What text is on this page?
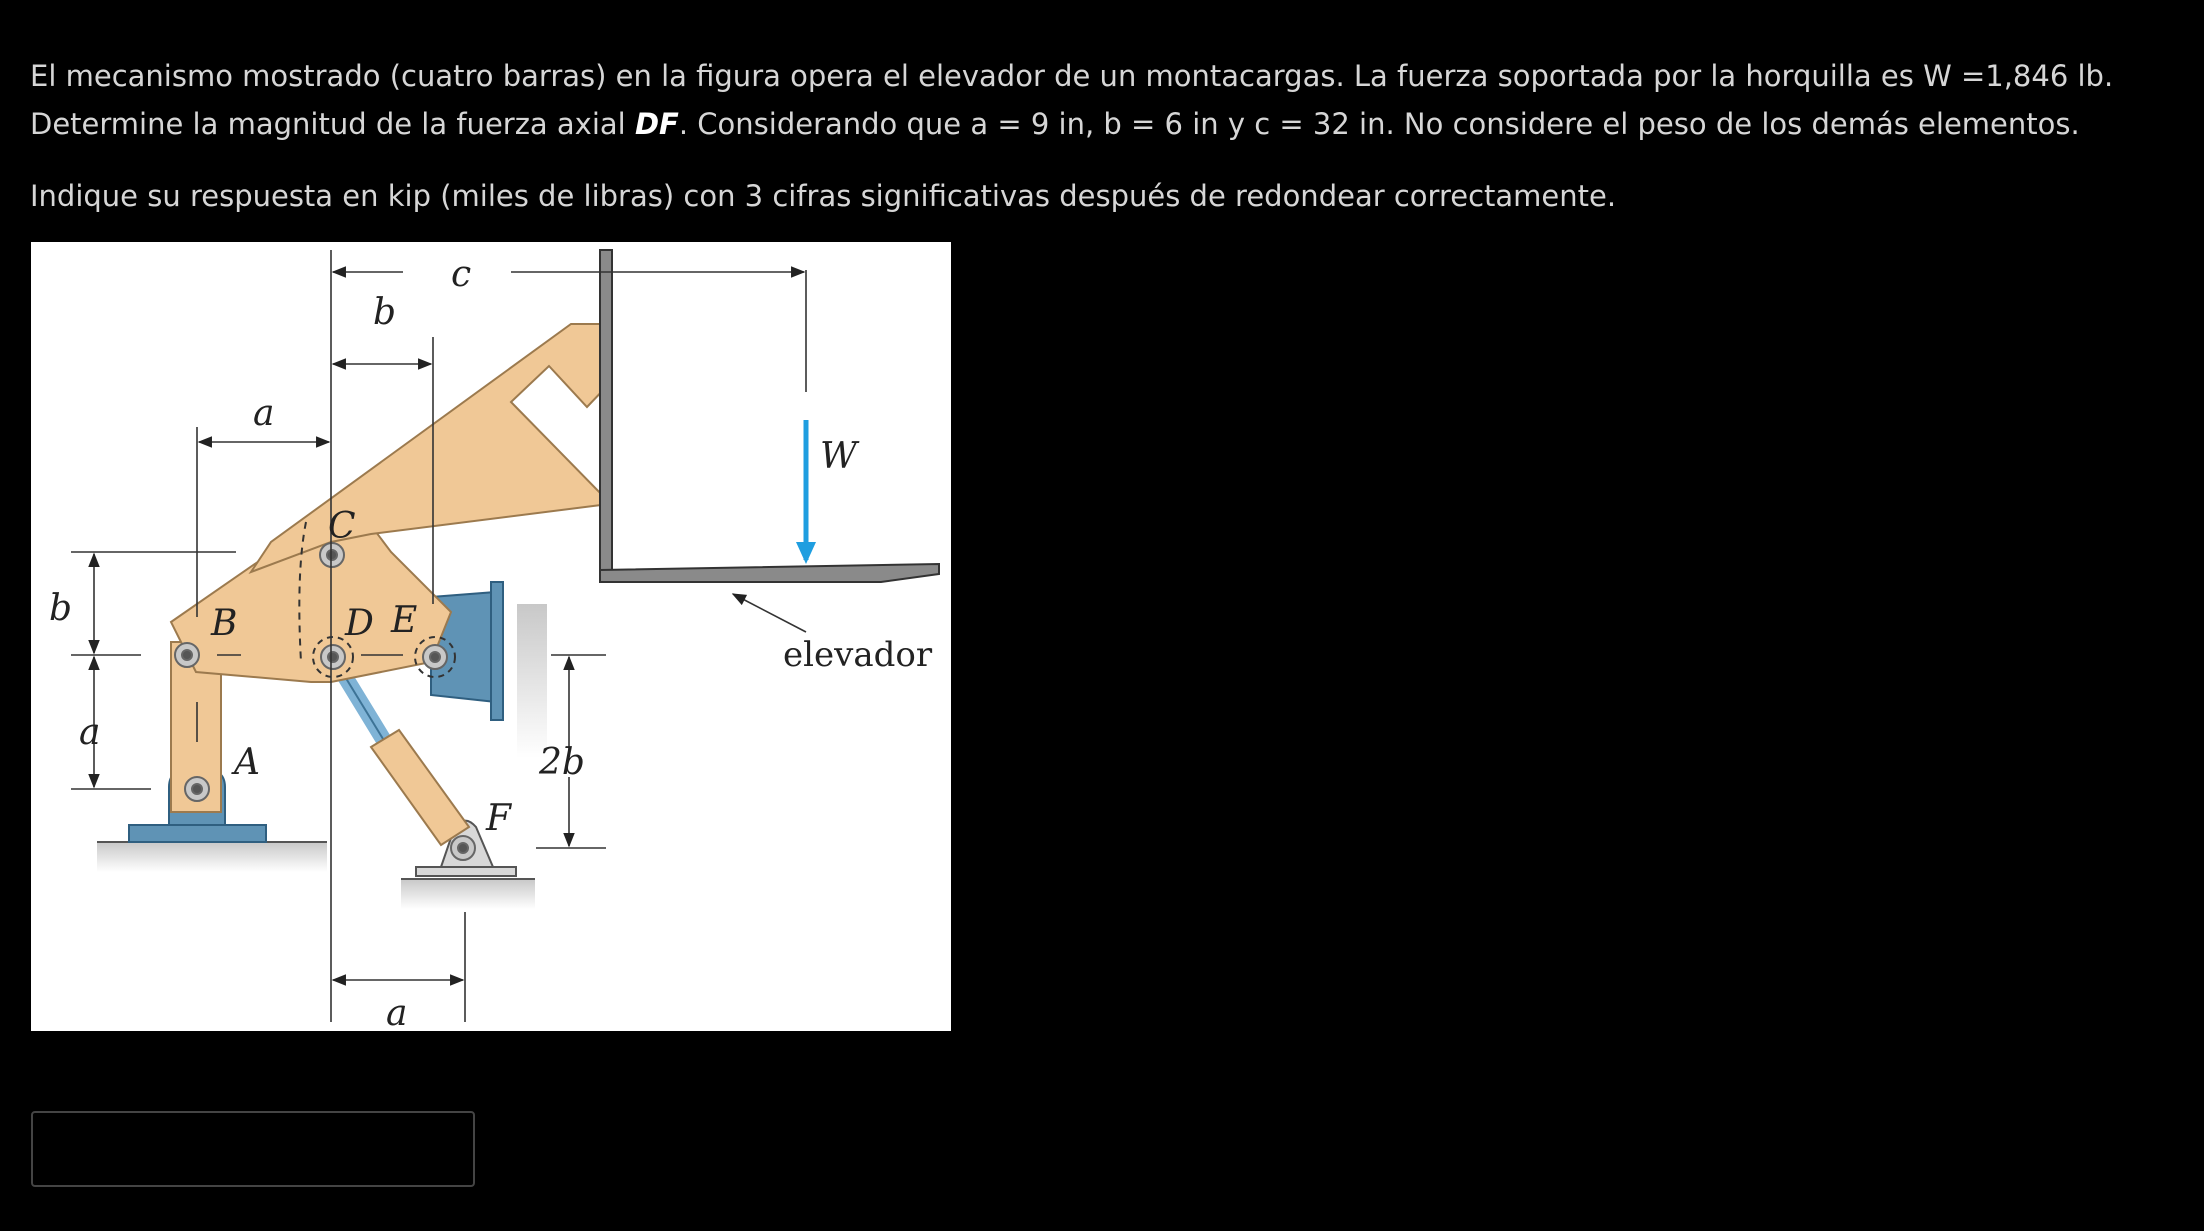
El mecanismo mostrado (cuatro barras) en la figura opera el elevador de un montacargas. La fuerza soportada por la horquilla es W =1,846 lb. Determine la magnitud de la fuerza axial DF. Considerando que a = 9 in, b = 6 in y c = 32 in. No considere el peso de los demás elementos.

Indique su respuesta en kip (miles de libras) con 3 cifras significativas después de redondear correctamente.

c
b
a
W
C
b	B	D E
elevador
a
A	2b
F
a
